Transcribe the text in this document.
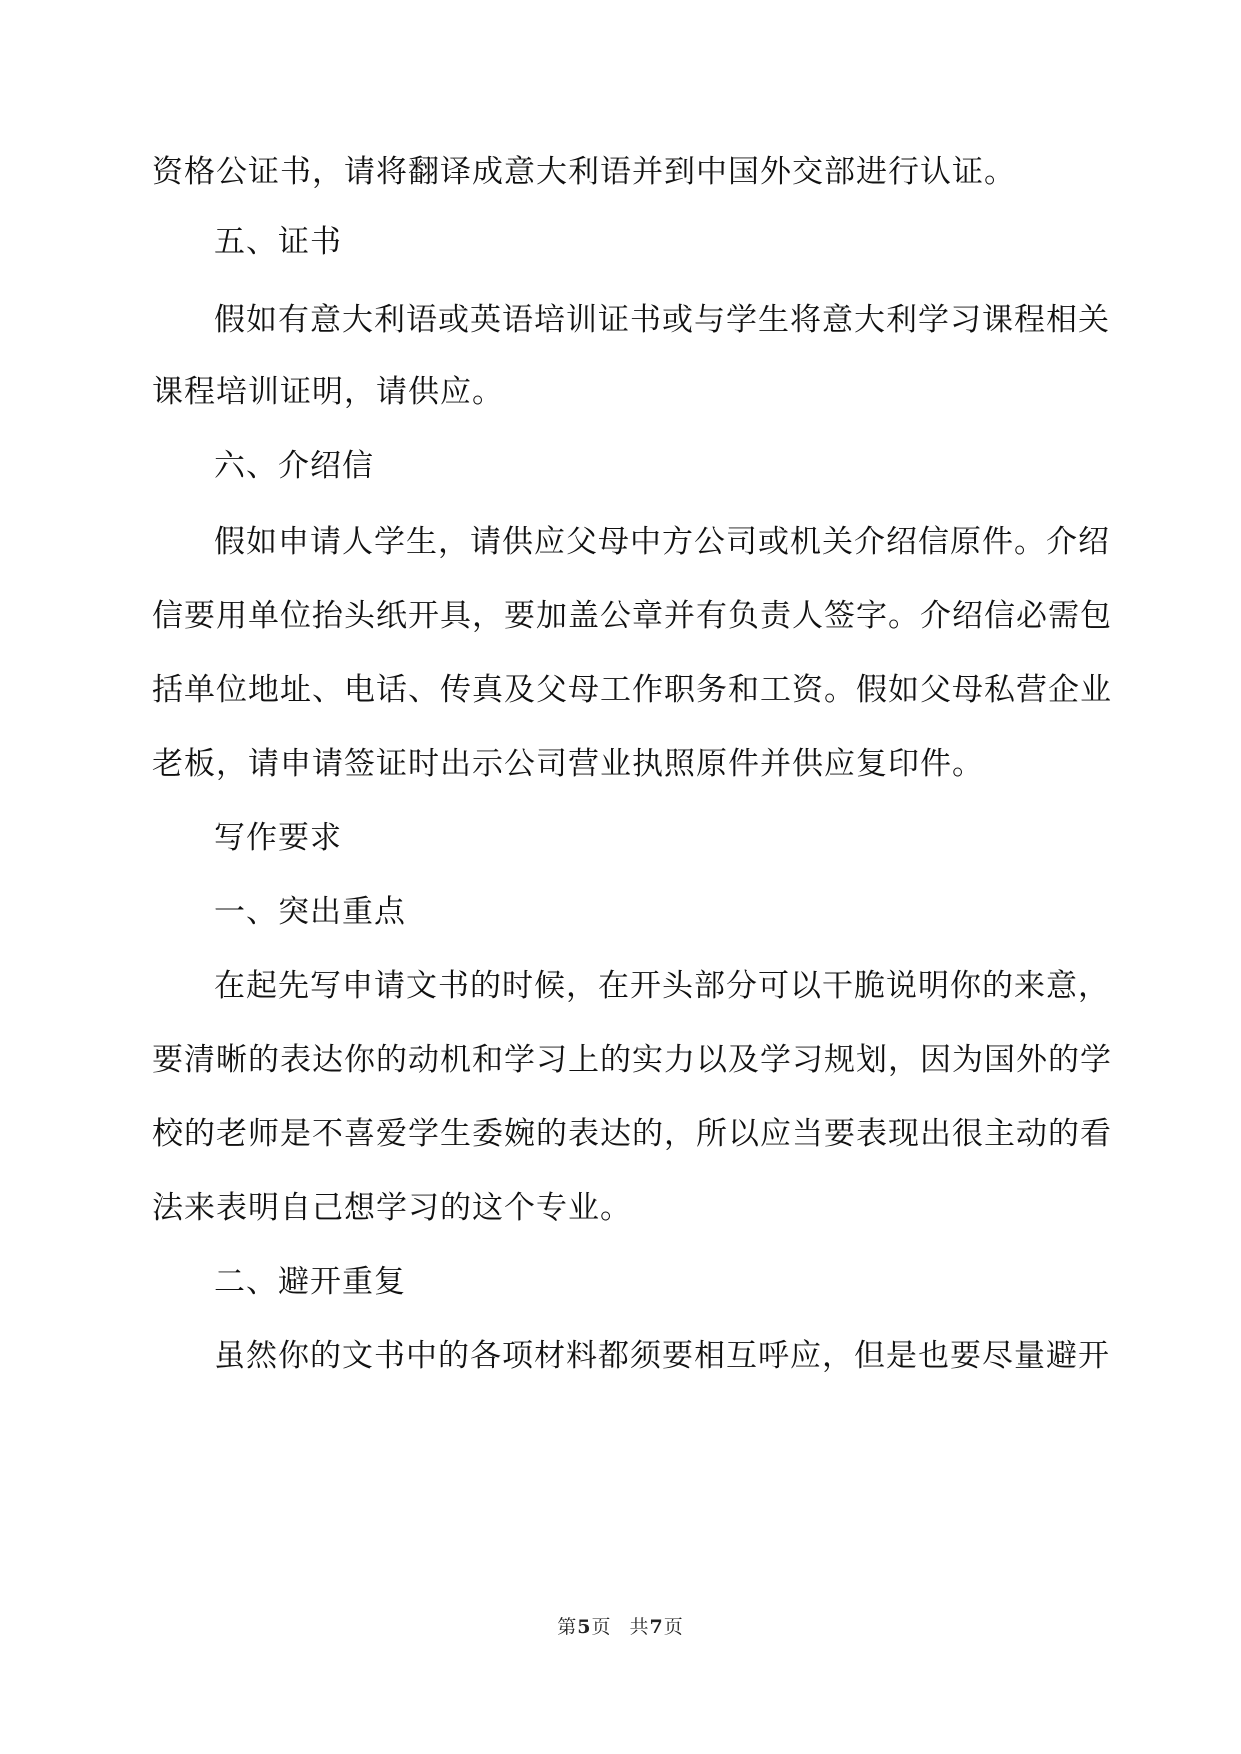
资格公证书，请将翻译成意大利语并到中国外交部进行认证。
五、证书
假如有意大利语或英语培训证书或与学生将意大利学习课程相关
课程培训证明，请供应。
六、介绍信
假如申请人学生，请供应父母中方公司或机关介绍信原件。介绍
信要用单位抬头纸开具，要加盖公章并有负责人签字。介绍信必需包
括单位地址、电话、传真及父母工作职务和工资。假如父母私营企业
老板，请申请签证时出示公司营业执照原件并供应复印件。
写作要求
一、突出重点
在起先写申请文书的时候，在开头部分可以干脆说明你的来意，
要清晰的表达你的动机和学习上的实力以及学习规划，因为国外的学
校的老师是不喜爱学生委婉的表达的，所以应当要表现出很主动的看
法来表明自己想学习的这个专业。
二、避开重复
虽然你的文书中的各项材料都须要相互呼应，但是也要尽量避开
第5页 共7页
